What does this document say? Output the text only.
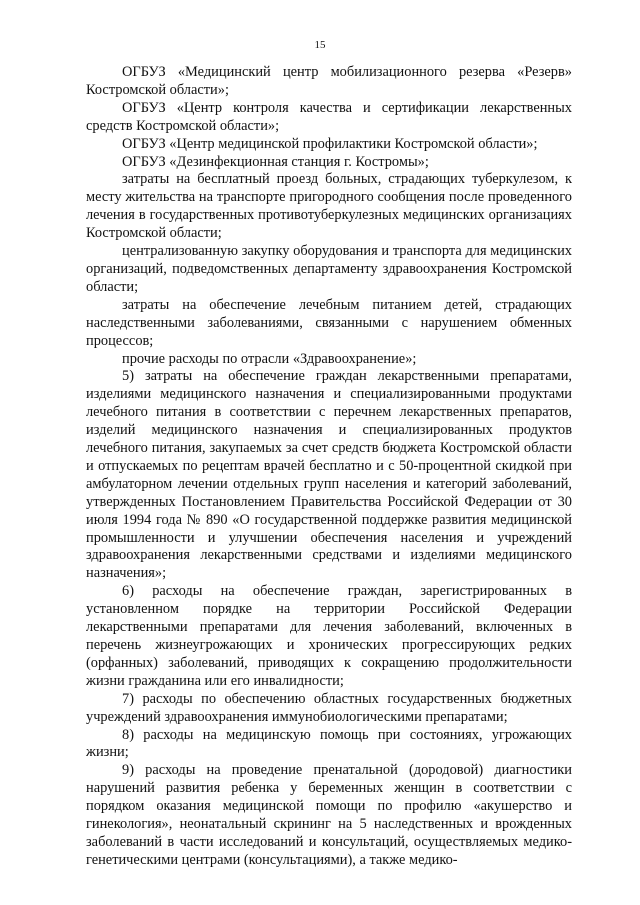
15

ОГБУЗ «Медицинский центр мобилизационного резерва «Резерв» Костромской области»;

ОГБУЗ «Центр контроля качества и сертификации лекарственных средств Костромской области»;

ОГБУЗ «Центр медицинской профилактики Костромской области»;

ОГБУЗ «Дезинфекционная станция г. Костромы»;

затраты на бесплатный проезд больных, страдающих туберкулезом, к месту жительства на транспорте пригородного сообщения после проведенного лечения в государственных противотуберкулезных медицинских организациях Костромской области;

централизованную закупку оборудования и транспорта для медицинских организаций, подведомственных департаменту здравоохранения Костромской области;

затраты на обеспечение лечебным питанием детей, страдающих наследственными заболеваниями, связанными с нарушением обменных процессов;

прочие расходы по отрасли «Здравоохранение»;

5) затраты на обеспечение граждан лекарственными препаратами, изделиями медицинского назначения и специализированными продуктами лечебного питания в соответствии с перечнем лекарственных препаратов, изделий медицинского назначения и специализированных продуктов лечебного питания, закупаемых за счет средств бюджета Костромской области и отпускаемых по рецептам врачей бесплатно и с 50-процентной скидкой при амбулаторном лечении отдельных групп населения и категорий заболеваний, утвержденных Постановлением Правительства Российской Федерации от 30 июля 1994 года № 890 «О государственной поддержке развития медицинской промышленности и улучшении обеспечения населения и учреждений здравоохранения лекарственными средствами и изделиями медицинского назначения»;

6) расходы на обеспечение граждан, зарегистрированных в установленном порядке на территории Российской Федерации лекарственными препаратами для лечения заболеваний, включенных в перечень жизнеугрожающих и хронических прогрессирующих редких (орфанных) заболеваний, приводящих к сокращению продолжительности жизни гражданина или его инвалидности;

7) расходы по обеспечению областных государственных бюджетных учреждений здравоохранения иммунобиологическими препаратами;

8) расходы на медицинскую помощь при состояниях, угрожающих жизни;

9) расходы на проведение пренатальной (дородовой) диагностики нарушений развития ребенка у беременных женщин в соответствии с порядком оказания медицинской помощи по профилю «акушерство и гинекология», неонатальный скрининг на 5 наследственных и врожденных заболеваний в части исследований и консультаций, осуществляемых медико-генетическими центрами (консультациями), а также медико-
